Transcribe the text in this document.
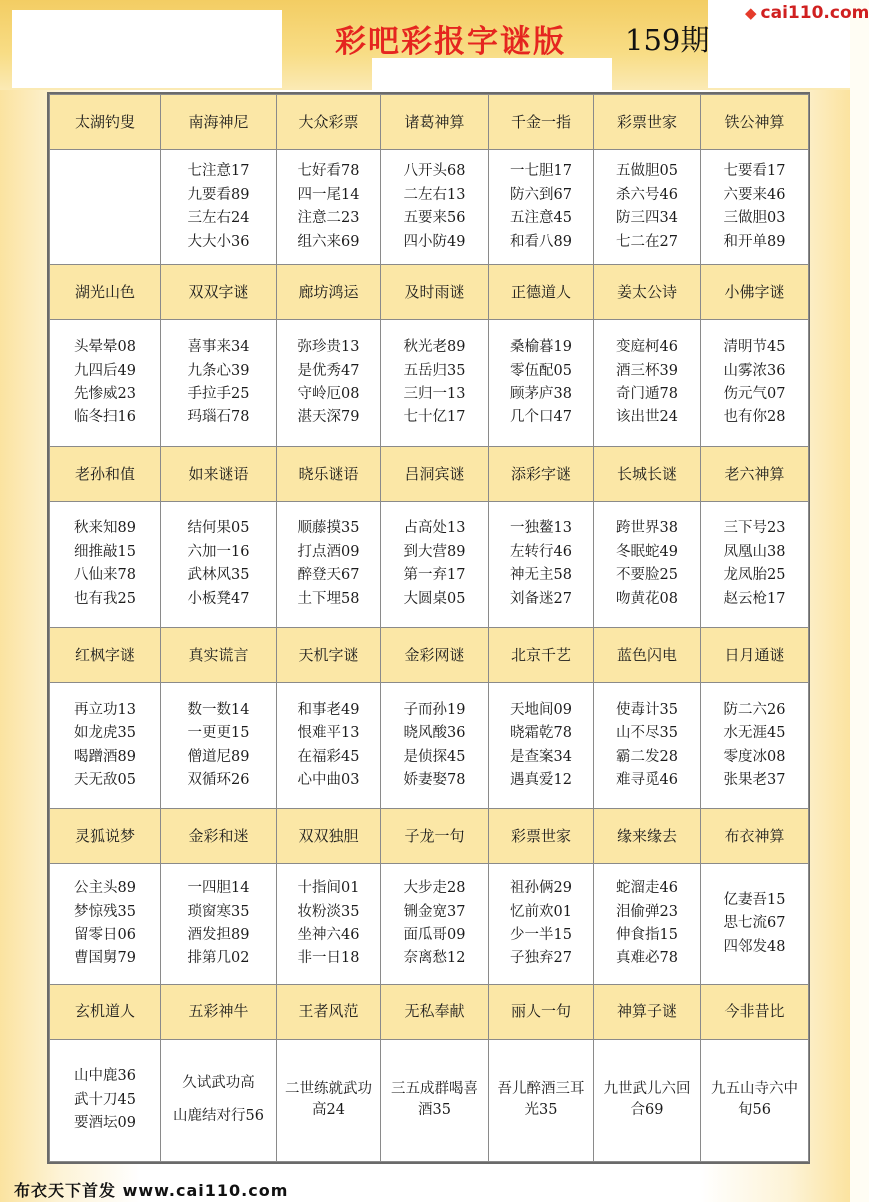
彩吧彩报字谜版 159期
◆ cai110.com
太湖钓叟	南海神尼	大众彩票	诸葛神算	千金一指	彩票世家	铁公神算

	七注意17
九要看89
三左右24
大大小36	七好看78
四一尾14
注意二23
组六来69	八开头68
二左右13
五要来56
四小防49	一七胆17
防六到67
五注意45
和看八89	五做胆05
杀六号46
防三四34
七二在27	七要看17
六要来46
三做胆03
和开单89

湖光山色	双双字谜	廊坊鸿运	及时雨谜	正德道人	姜太公诗	小佛字谜

头晕晕08
九四后49
先惨威23
临冬扫16	喜事来34
九条心39
手拉手25
玛瑙石78	弥珍贵13
是优秀47
守岭厄08
湛天深79	秋光老89
五岳归35
三归一13
七十亿17	桑榆暮19
零伍配05
顾茅庐38
几个口47	变庭柯46
酒三杯39
奇门遁78
该出世24	清明节45
山雾浓36
伤元气07
也有你28

老孙和值	如来谜语	晓乐谜语	吕洞宾谜	添彩字谜	长城长谜	老六神算

秋来知89
细推敲15
八仙来78
也有我25	结何果05
六加一16
武林风35
小板凳47	顺藤摸35
打点酒09
醉登天67
土下埋58	占高处13
到大营89
第一弃17
大圆桌05	一独鳌13
左转行46
神无主58
刘备迷27	跨世界38
冬眠蛇49
不要脸25
吻黄花08	三下号23
凤凰山38
龙凤胎25
赵云枪17

红枫字谜	真实谎言	天机字谜	金彩网谜	北京千艺	蓝色闪电	日月通谜

再立功13
如龙虎35
喝蹭酒89
天无敌05	数一数14
一更更15
僧道尼89
双循环26	和事老49
恨难平13
在福彩45
心中曲03	子而孙19
晓风酸36
是侦探45
娇妻娶78	天地间09
晓霜乾78
是查案34
遇真爱12	使毒计35
山不尽35
霸二发28
难寻觅46	防二六26
水无涯45
零度冰08
张果老37

灵狐说梦	金彩和迷	双双独胆	子龙一句	彩票世家	缘来缘去	布衣神算

公主头89
梦惊残35
留零日06
曹国舅79	一四胆14
琐窗寒35
酒发担89
排第几02	十指间01
妆粉淡35
坐神六46
非一日18	大步走28
铏金宽37
面瓜哥09
奈离愁12	祖孙俩29
忆前欢01
少一半15
子独弃27	蛇溜走46
泪偷弹23
伸食指15
真难必78	亿妻吾15
思七流67
四邻发48

玄机道人	五彩神牛	王者风范	无私奉献	丽人一句	神算子谜	今非昔比

山中鹿36
武十刀45
要酒坛09	久试武功高
山鹿结对行56	二世练就武功高24	三五成群喝喜酒35	吾儿醉酒三耳光35	九世武儿六回合69	九五山寺六中旬56
布衣天下首发 www.cai110.com
